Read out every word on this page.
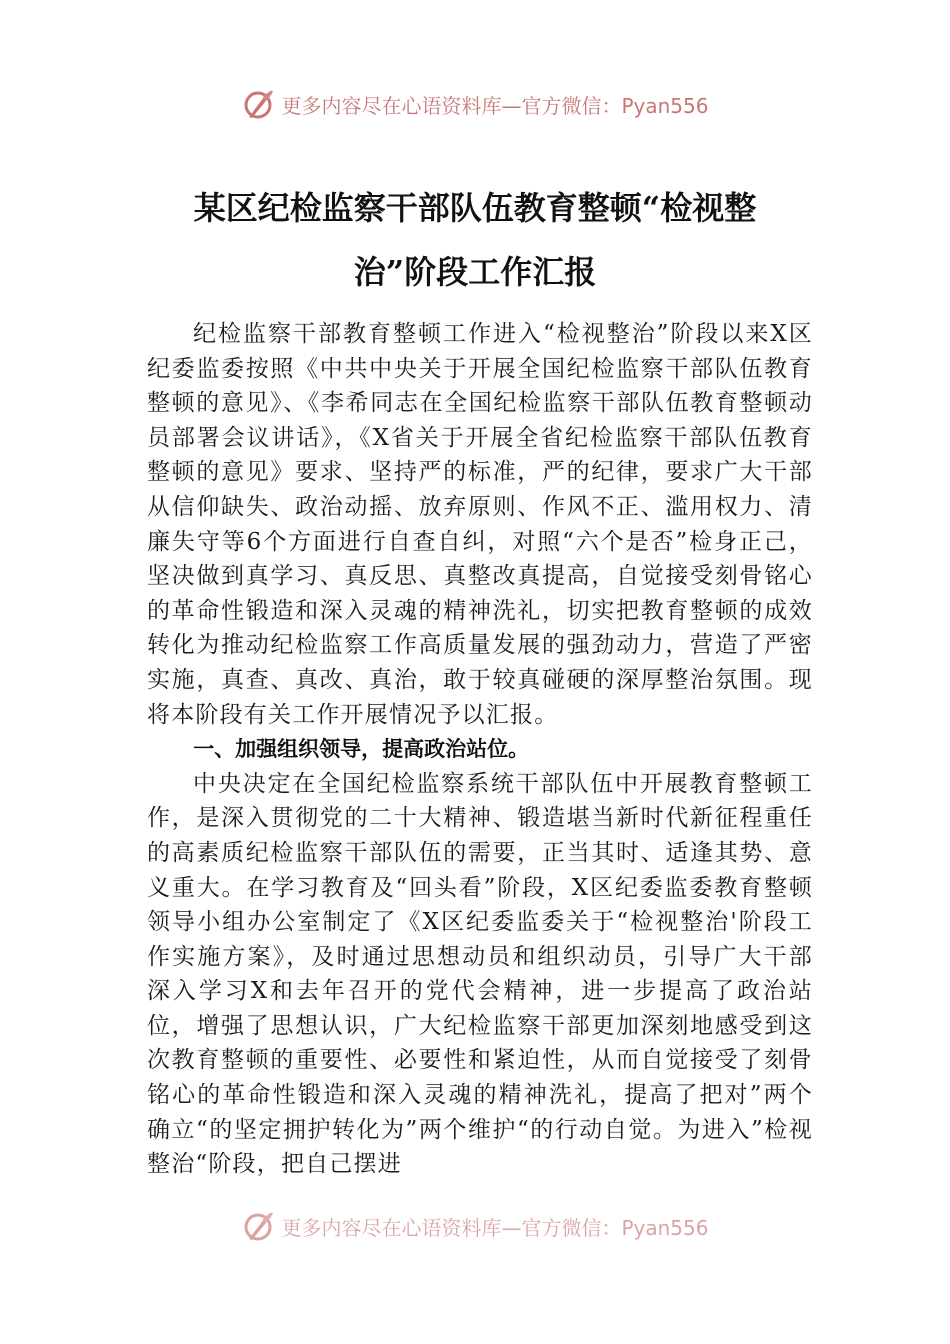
更多内容尽在心语资料库—官方微信：Pyan556
某区纪检监察干部队伍教育整顿“检视整
治”阶段工作汇报

纪检监察干部教育整顿工作进入“检视整治”阶段以来X区纪委监委按照《中共中央关于开展全国纪检监察干部队伍教育整顿的意见》、《李希同志在全国纪检监察干部队伍教育整顿动员部署会议讲话》，《X省关于开展全省纪检监察干部队伍教育整顿的意见》要求、坚持严的标准，严的纪律，要求广大干部从信仰缺失、政治动摇、放弃原则、作风不正、滥用权力、清廉失守等6个方面进行自查自纠，对照“六个是否”检身正己，坚决做到真学习、真反思、真整改真提高，自觉接受刻骨铭心的革命性锻造和深入灵魂的精神洗礼，切实把教育整顿的成效转化为推动纪检监察工作高质量发展的强劲动力，营造了严密实施，真查、真改、真治，敢于较真碰硬的深厚整治氛围。现将本阶段有关工作开展情况予以汇报。

一、加强组织领导，提高政治站位。

中央决定在全国纪检监察系统干部队伍中开展教育整顿工作，是深入贯彻党的二十大精神、锻造堪当新时代新征程重任的高素质纪检监察干部队伍的需要，正当其时、适逢其势、意义重大。在学习教育及“回头看”阶段，X区纪委监委教育整顿领导小组办公室制定了《X区纪委监委关于“检视整治'阶段工作实施方案》，及时通过思想动员和组织动员，引导广大干部深入学习X和去年召开的党代会精神，进一步提高了政治站位，增强了思想认识，广大纪检监察干部更加深刻地感受到这次教育整顿的重要性、必要性和紧迫性，从而自觉接受了刻骨铭心的革命性锻造和深入灵魂的精神洗礼，提高了把对”两个确立“的坚定拥护转化为”两个维护“的行动自觉。为进入”检视整治“阶段，把自己摆进

更多内容尽在心语资料库—官方微信：Pyan556
